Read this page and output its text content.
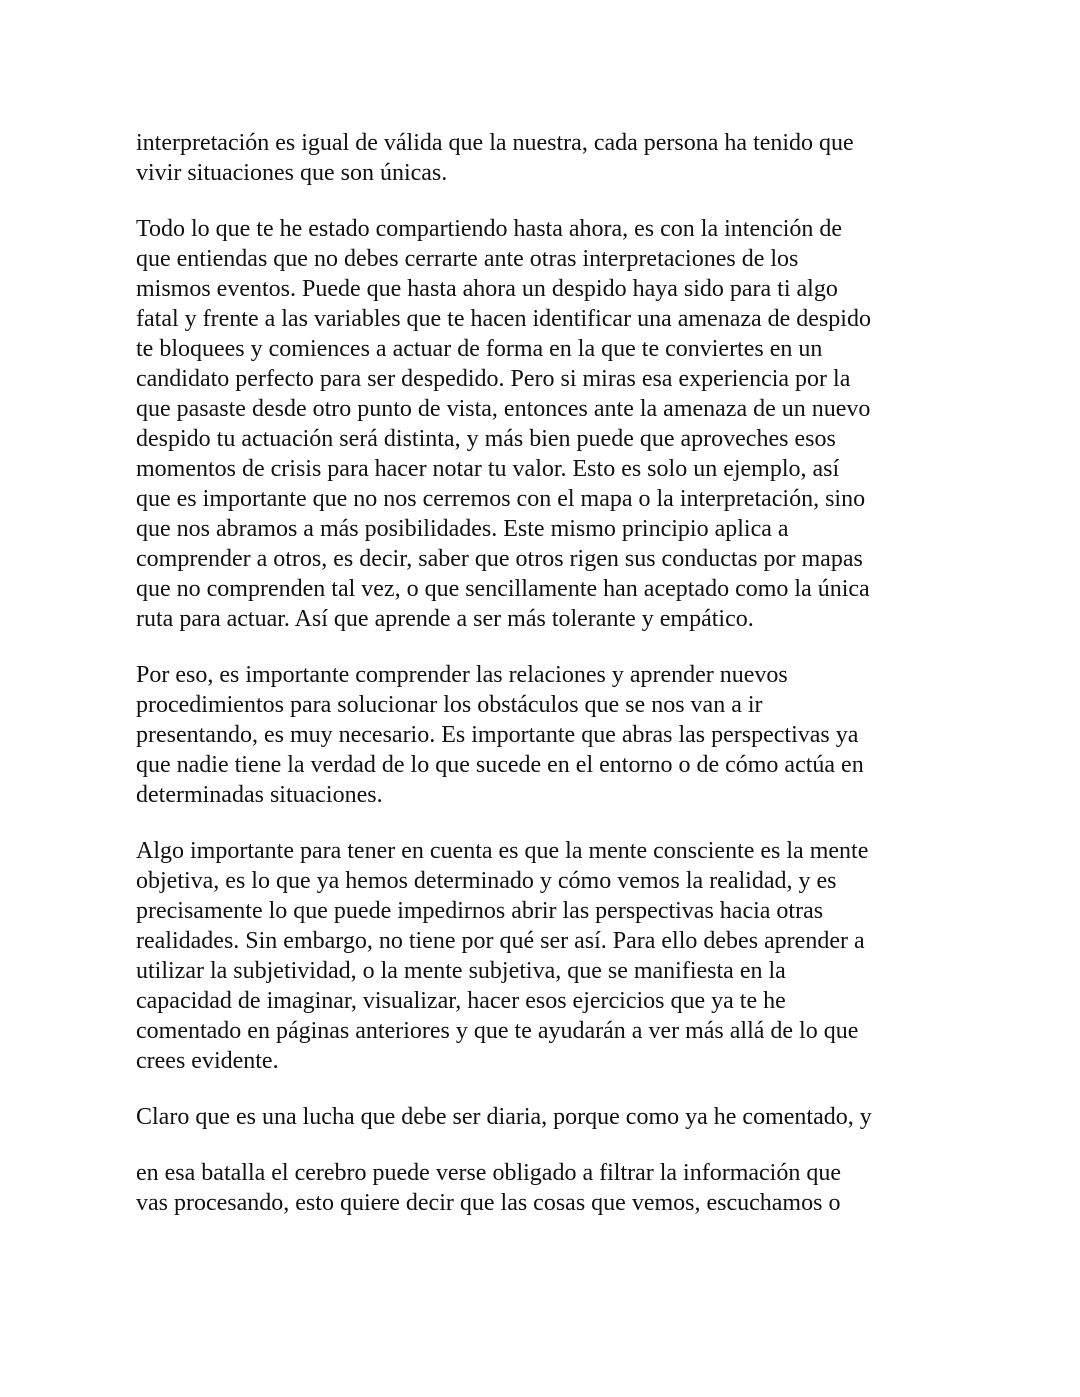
interpretación es igual de válida que la nuestra, cada persona ha tenido que
vivir situaciones que son únicas.

Todo lo que te he estado compartiendo hasta ahora, es con la intención de
que entiendas que no debes cerrarte ante otras interpretaciones de los
mismos eventos. Puede que hasta ahora un despido haya sido para ti algo
fatal y frente a las variables que te hacen identificar una amenaza de despido
te bloquees y comiences a actuar de forma en la que te conviertes en un
candidato perfecto para ser despedido. Pero si miras esa experiencia por la
que pasaste desde otro punto de vista, entonces ante la amenaza de un nuevo
despido tu actuación será distinta, y más bien puede que aproveches esos
momentos de crisis para hacer notar tu valor. Esto es solo un ejemplo, así
que es importante que no nos cerremos con el mapa o la interpretación, sino
que nos abramos a más posibilidades. Este mismo principio aplica a
comprender a otros, es decir, saber que otros rigen sus conductas por mapas
que no comprenden tal vez, o que sencillamente han aceptado como la única
ruta para actuar. Así que aprende a ser más tolerante y empático.

Por eso, es importante comprender las relaciones y aprender nuevos
procedimientos para solucionar los obstáculos que se nos van a ir
presentando, es muy necesario. Es importante que abras las perspectivas ya
que nadie tiene la verdad de lo que sucede en el entorno o de cómo actúa en
determinadas situaciones.

Algo importante para tener en cuenta es que la mente consciente es la mente
objetiva, es lo que ya hemos determinado y cómo vemos la realidad, y es
precisamente lo que puede impedirnos abrir las perspectivas hacia otras
realidades. Sin embargo, no tiene por qué ser así. Para ello debes aprender a
utilizar la subjetividad, o la mente subjetiva, que se manifiesta en la
capacidad de imaginar, visualizar, hacer esos ejercicios que ya te he
comentado en páginas anteriores y que te ayudarán a ver más allá de lo que
crees evidente.

Claro que es una lucha que debe ser diaria, porque como ya he comentado, y

en esa batalla el cerebro puede verse obligado a filtrar la información que
vas procesando, esto quiere decir que las cosas que vemos, escuchamos o
